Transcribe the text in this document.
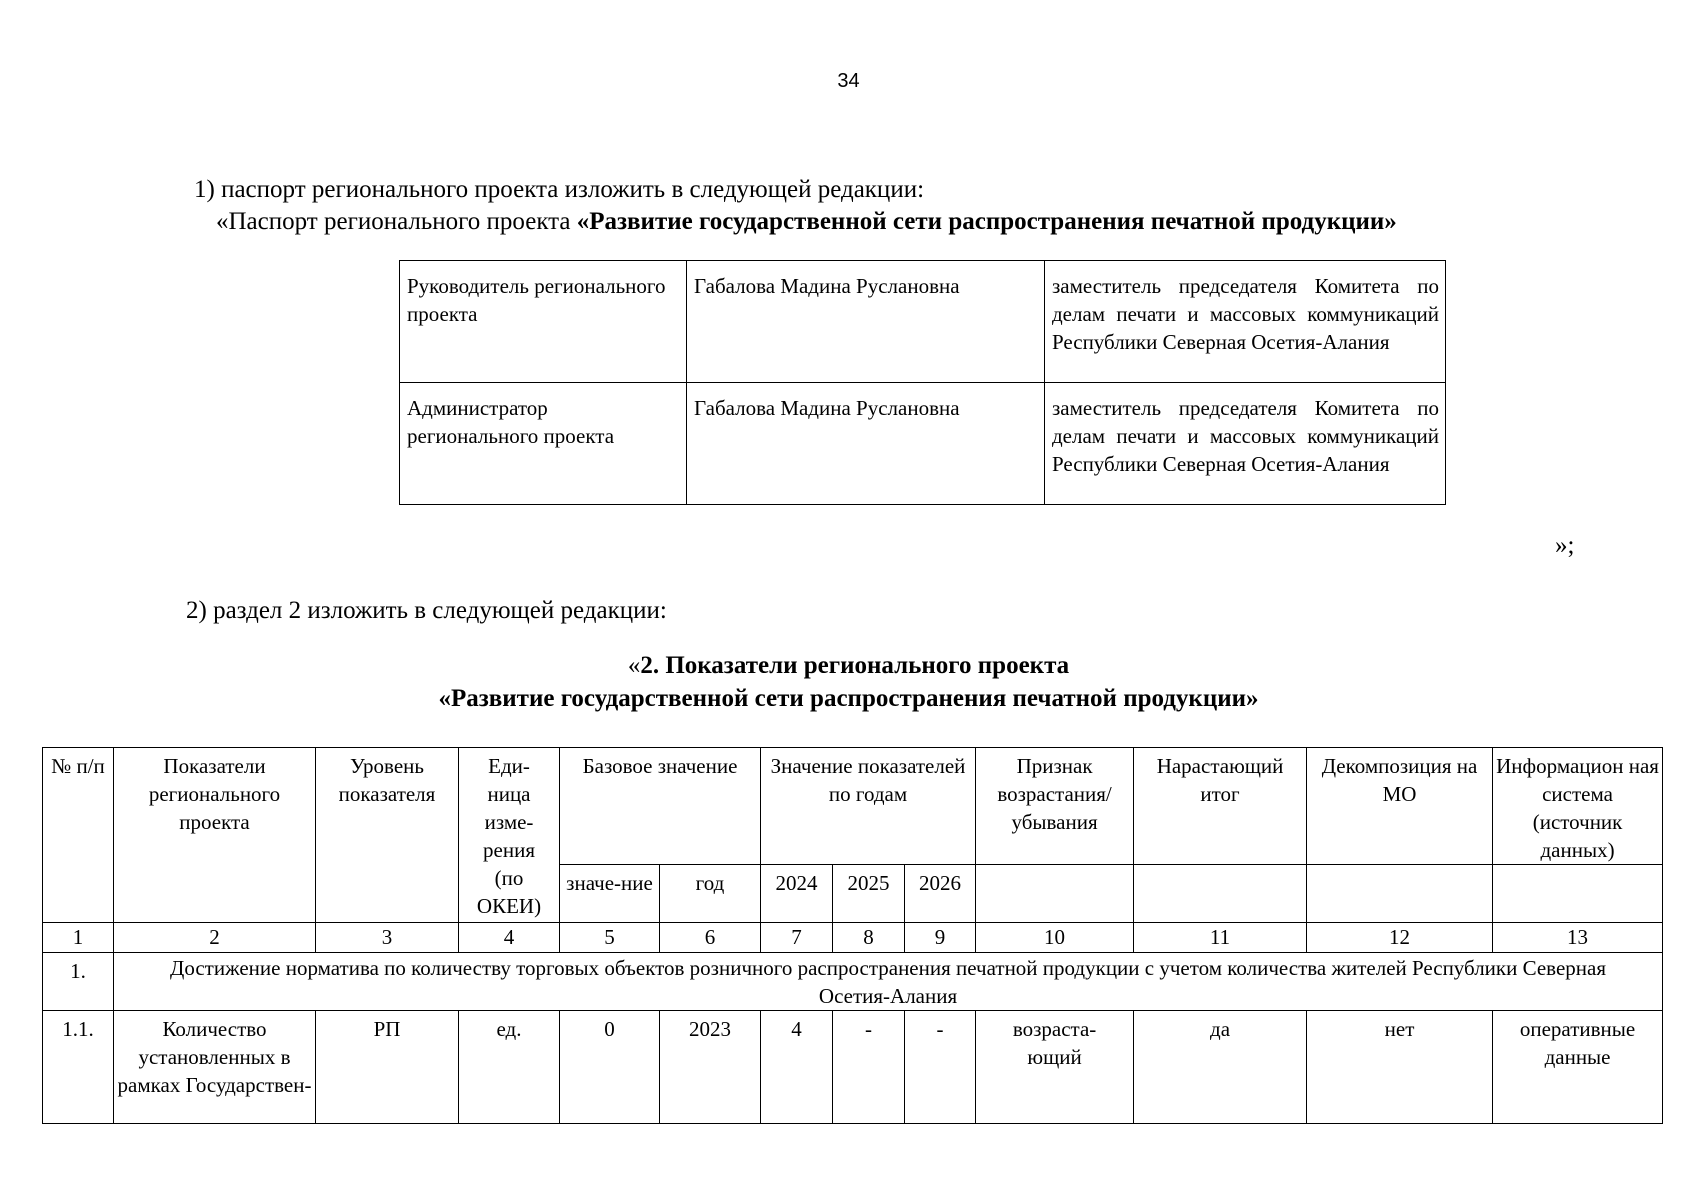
34
1) паспорт регионального проекта изложить в следующей редакции:
«Паспорт регионального проекта «Развитие государственной сети распространения печатной продукции»
Руководитель регионального проекта	Габалова Мадина Руслановна	заместитель председателя Комитета по делам печати и массовых коммуникаций Республики Северная Осетия-Алания
Администратор регионального проекта	Габалова Мадина Руслановна	заместитель председателя Комитета по делам печати и массовых коммуникаций Республики Северная Осетия-Алания
»;
2) раздел 2 изложить в следующей редакции:
«2. Показатели регионального проекта
«Развитие государственной сети распространения печатной продукции»
№ п/п	Показатели регионального проекта	Уровень показателя	Еди-ница изме-рения (по ОКЕИ)	Базовое значение		Значение показателей по годам			Признак возрастания/ убывания	Нарастающий итог	Декомпозиция на МО	Информацион ная система (источник данных)
				значе-ние	год	2024	2025	2026				
1	2	3	4	5	6	7	8	9	10	11	12	13
1.	Достижение норматива по количеству торговых объектов розничного распространения печатной продукции с учетом количества жителей Республики Северная Осетия-Алания											
1.1.	Количество установленных в рамках Государствен-	РП	ед.	0	2023	4	-	-	возраста-ющий	да	нет	оперативные данные
